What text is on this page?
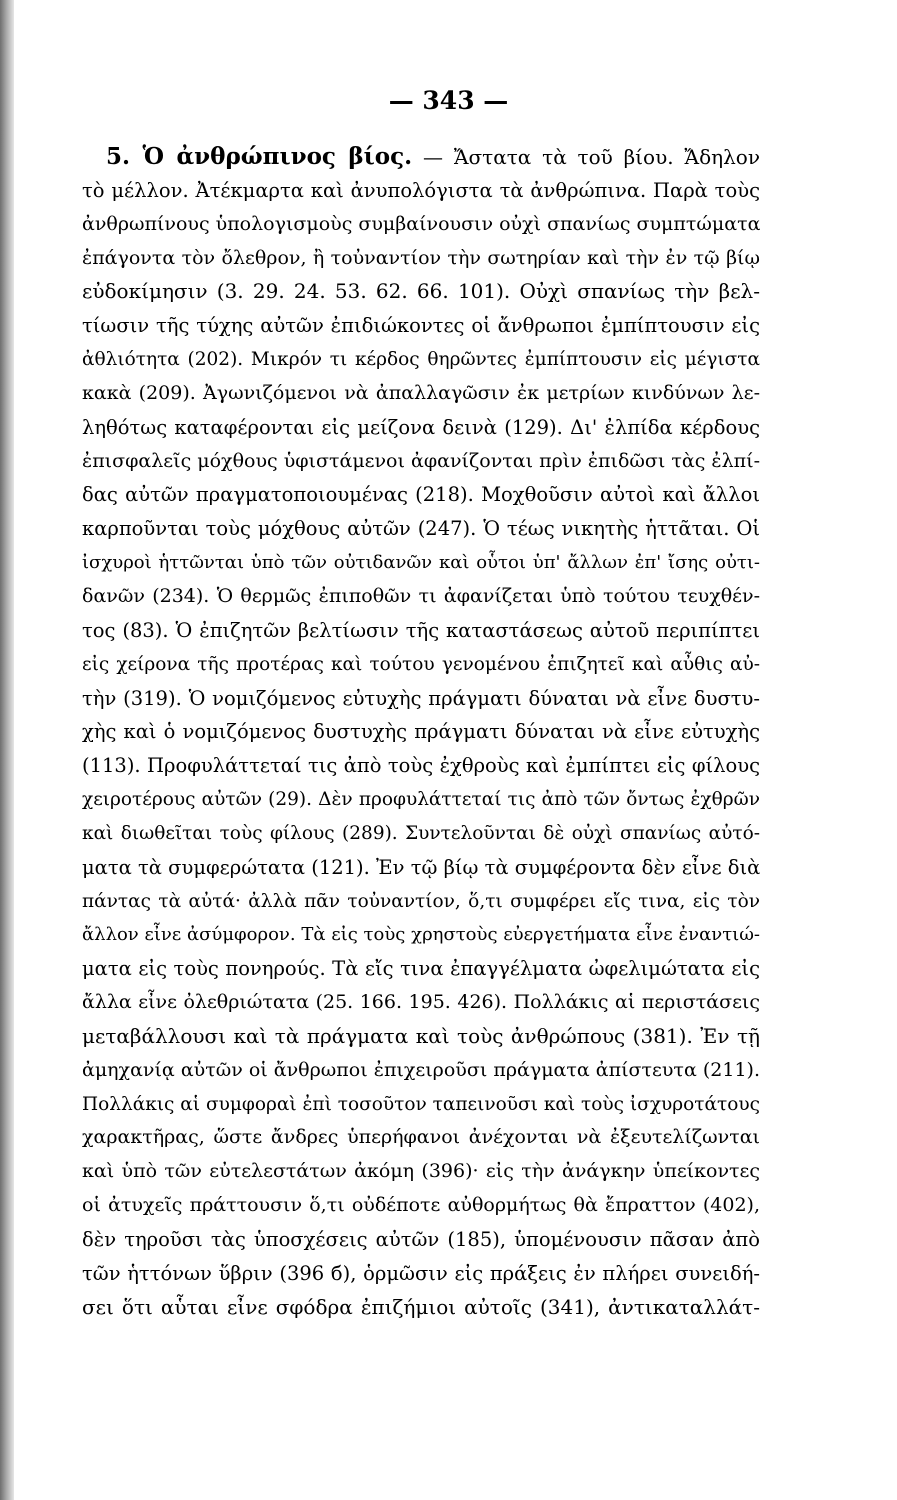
— 343 —
5. Ὁ ἀνθρώπινος βίος. — Ἄστατα τὰ τοῦ βίου. Ἄδηλον
τὸ μέλλον. Ἀτέκμαρτα καὶ ἀνυπολόγιστα τὰ ἀνθρώπινα. Παρὰ τοὺς
ἀνθρωπίνους ὑπολογισμοὺς συμβαίνουσιν οὐχὶ σπανίως συμπτώματα
ἐπάγοντα τὸν ὄλεθρον, ἢ τοὐναντίον τὴν σωτηρίαν καὶ τὴν ἐν τῷ βίῳ
εὐδοκίμησιν (3. 29. 24. 53. 62. 66. 101). Οὐχὶ σπανίως τὴν βελ-
τίωσιν τῆς τύχης αὐτῶν ἐπιδιώκοντες οἱ ἄνθρωποι ἐμπίπτουσιν εἰς
ἀθλιότητα (202). Μικρόν τι κέρδος θηρῶντες ἐμπίπτουσιν εἰς μέγιστα
κακὰ (209). Ἀγωνιζόμενοι νὰ ἀπαλλαγῶσιν ἐκ μετρίων κινδύνων λε-
ληθότως καταφέρονται εἰς μείζονα δεινὰ (129). Δι' ἐλπίδα κέρδους
ἐπισφαλεῖς μόχθους ὑφιστάμενοι ἀφανίζονται πρὶν ἐπιδῶσι τὰς ἐλπί-
δας αὐτῶν πραγματοποιουμένας (218). Μοχθοῦσιν αὐτοὶ καὶ ἄλλοι
καρποῦνται τοὺς μόχθους αὐτῶν (247). Ὁ τέως νικητὴς ἡττᾶται. Οἱ
ἰσχυροὶ ἡττῶνται ὑπὸ τῶν οὐτιδανῶν καὶ οὗτοι ὑπ' ἄλλων ἐπ' ἴσης οὐτι-
δανῶν (234). Ὁ θερμῶς ἐπιποθῶν τι ἀφανίζεται ὑπὸ τούτου τευχθέν-
τος (83). Ὁ ἐπιζητῶν βελτίωσιν τῆς καταστάσεως αὐτοῦ περιπίπτει
εἰς χείρονα τῆς προτέρας καὶ τούτου γενομένου ἐπιζητεῖ καὶ αὖθις αὐ-
τὴν (319). Ὁ νομιζόμενος εὐτυχὴς πράγματι δύναται νὰ εἶνε δυστυ-
χὴς καὶ ὁ νομιζόμενος δυστυχὴς πράγματι δύναται νὰ εἶνε εὐτυχὴς
(113). Προφυλάττεταί τις ἀπὸ τοὺς ἐχθροὺς καὶ ἐμπίπτει εἰς φίλους
χειροτέρους αὐτῶν (29). Δὲν προφυλάττεταί τις ἀπὸ τῶν ὄντως ἐχθρῶν
καὶ διωθεῖται τοὺς φίλους (289). Συντελοῦνται δὲ οὐχὶ σπανίως αὐτό-
ματα τὰ συμφερώτατα (121). Ἐν τῷ βίῳ τὰ συμφέροντα δὲν εἶνε διὰ
πάντας τὰ αὐτά· ἀλλὰ πᾶν τοὐναντίον, ὅ,τι συμφέρει εἴς τινα, εἰς τὸν
ἄλλον εἶνε ἀσύμφορον. Τὰ εἰς τοὺς χρηστοὺς εὐεργετήματα εἶνε ἐναντιώ-
ματα εἰς τοὺς πονηρούς. Τὰ εἴς τινα ἐπαγγέλματα ὠφελιμώτατα εἰς
ἄλλα εἶνε ὀλεθριώτατα (25. 166. 195. 426). Πολλάκις αἱ περιστάσεις
μεταβάλλουσι καὶ τὰ πράγματα καὶ τοὺς ἀνθρώπους (381). Ἐν τῇ
ἀμηχανίᾳ αὐτῶν οἱ ἄνθρωποι ἐπιχειροῦσι πράγματα ἀπίστευτα (211).
Πολλάκις αἱ συμφοραὶ ἐπὶ τοσοῦτον ταπεινοῦσι καὶ τοὺς ἰσχυροτάτους
χαρακτῆρας, ὥστε ἄνδρες ὑπερήφανοι ἀνέχονται νὰ ἐξευτελίζωνται
καὶ ὑπὸ τῶν εὐτελεστάτων ἀκόμη (396)· εἰς τὴν ἀνάγκην ὑπείκοντες
οἱ ἀτυχεῖς πράττουσιν ὅ,τι οὐδέποτε αὐθορμήτως θὰ ἔπραττον (402),
δὲν τηροῦσι τὰς ὑποσχέσεις αὐτῶν (185), ὑπομένουσιν πᾶσαν ἀπὸ
τῶν ἡττόνων ὕβριν (396 б), ὁρμῶσιν εἰς πράξεις ἐν πλήρει συνειδή-
σει ὅτι αὗται εἶνε σφόδρα ἐπιζήμιοι αὐτοῖς (341), ἀντικαταλλάτ-
